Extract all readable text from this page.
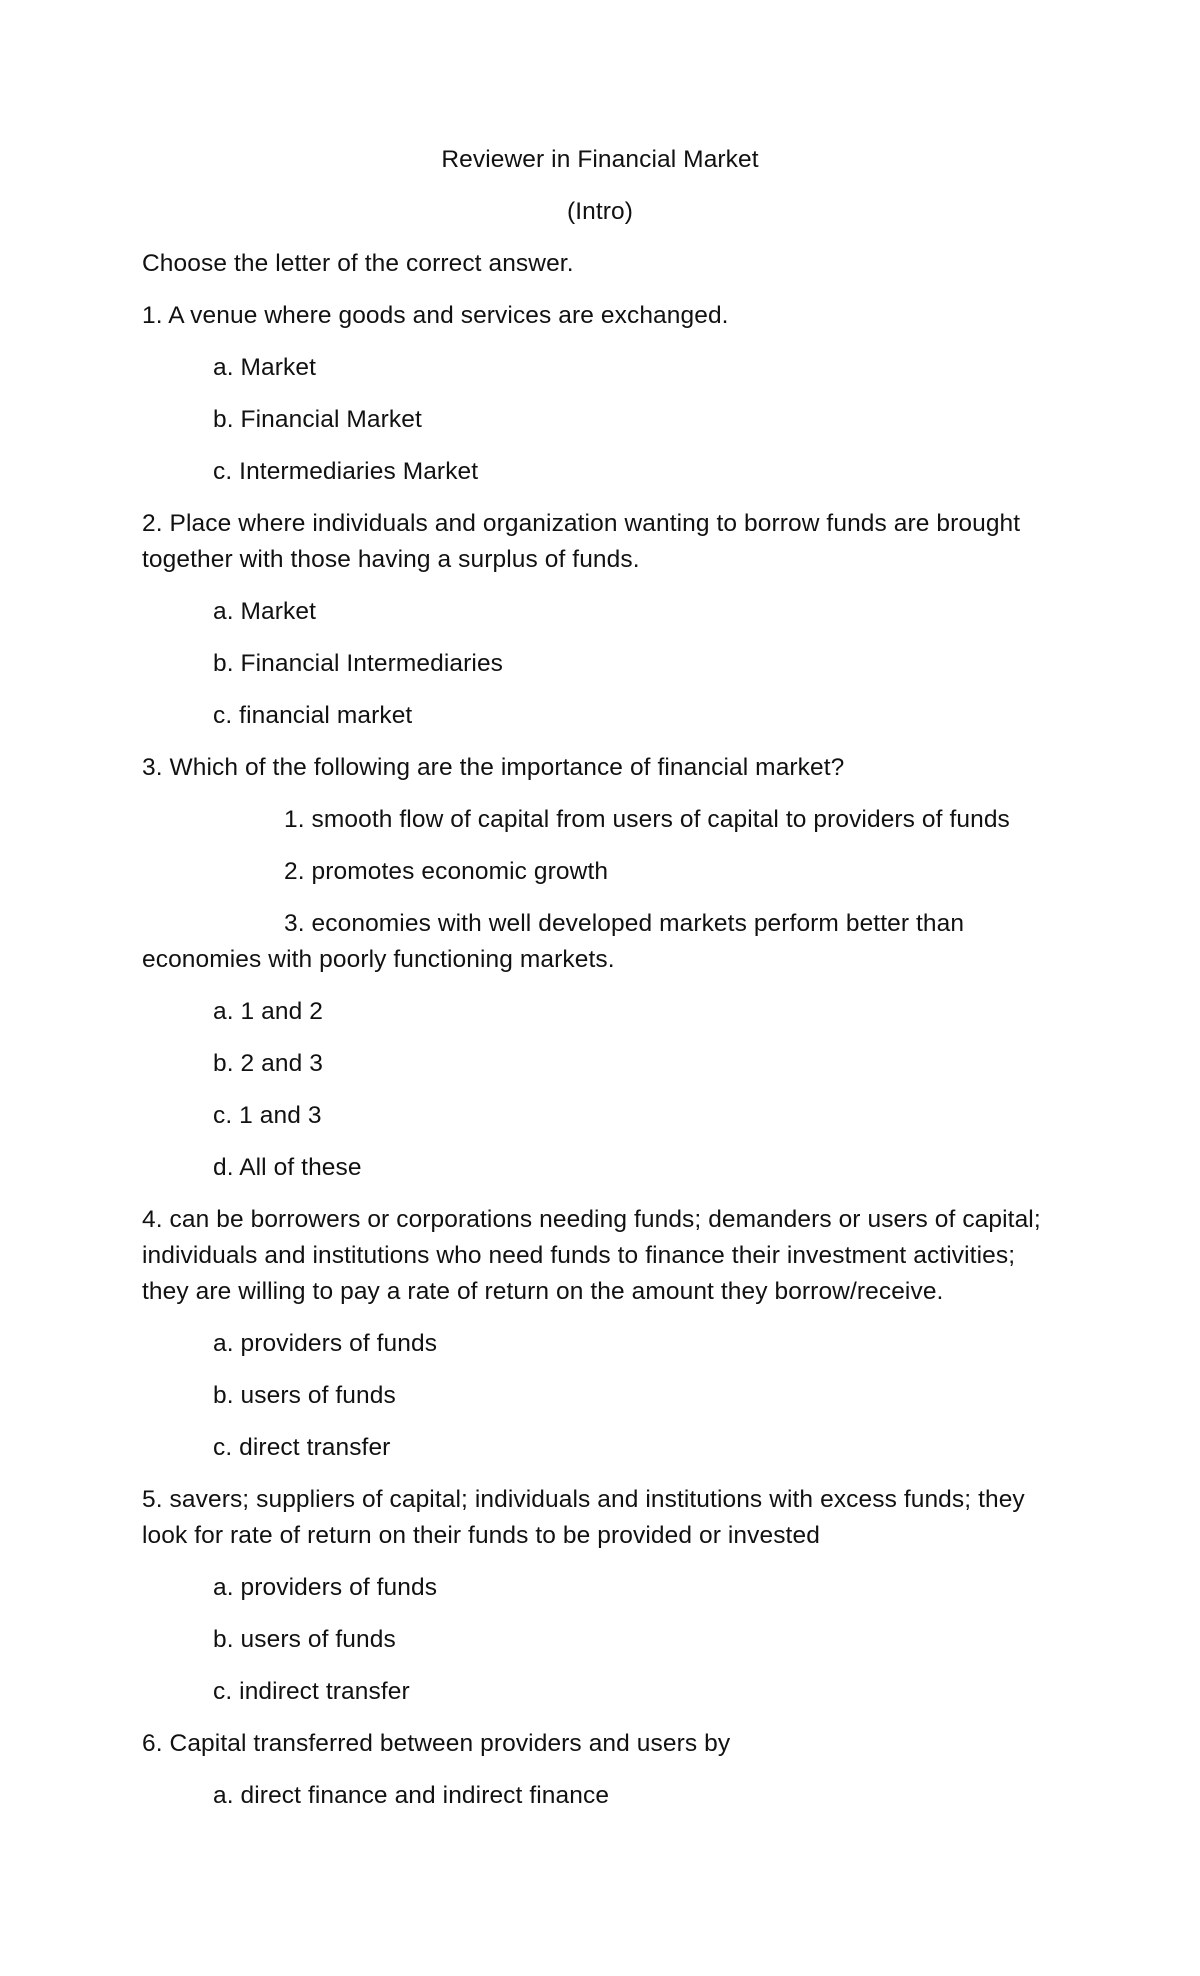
Reviewer in Financial Market
(Intro)
Choose the letter of the correct answer.
1. A venue where goods and services are exchanged.
a. Market
b. Financial Market
c. Intermediaries Market
2. Place where individuals and organization wanting to borrow funds are brought
together with those having a surplus of funds.
a. Market
b. Financial Intermediaries
c. financial market
3. Which of the following are the importance of financial market?
1. smooth flow of capital from users of capital to providers of funds
2. promotes economic growth
3. economies with well developed markets perform better than
economies with poorly functioning markets.
a. 1 and 2
b. 2 and 3
c. 1 and 3
d. All of these
4. can be borrowers or corporations needing funds; demanders or users of capital;
individuals and institutions who need funds to finance their investment activities;
they are willing to pay a rate of return on the amount they borrow/receive.
a. providers of funds
b. users of funds
c. direct transfer
5. savers; suppliers of capital; individuals and institutions with excess funds; they
look for rate of return on their funds to be provided or invested
a. providers of funds
b. users of funds
c. indirect transfer
6. Capital transferred between providers and users by
a. direct finance and indirect finance
